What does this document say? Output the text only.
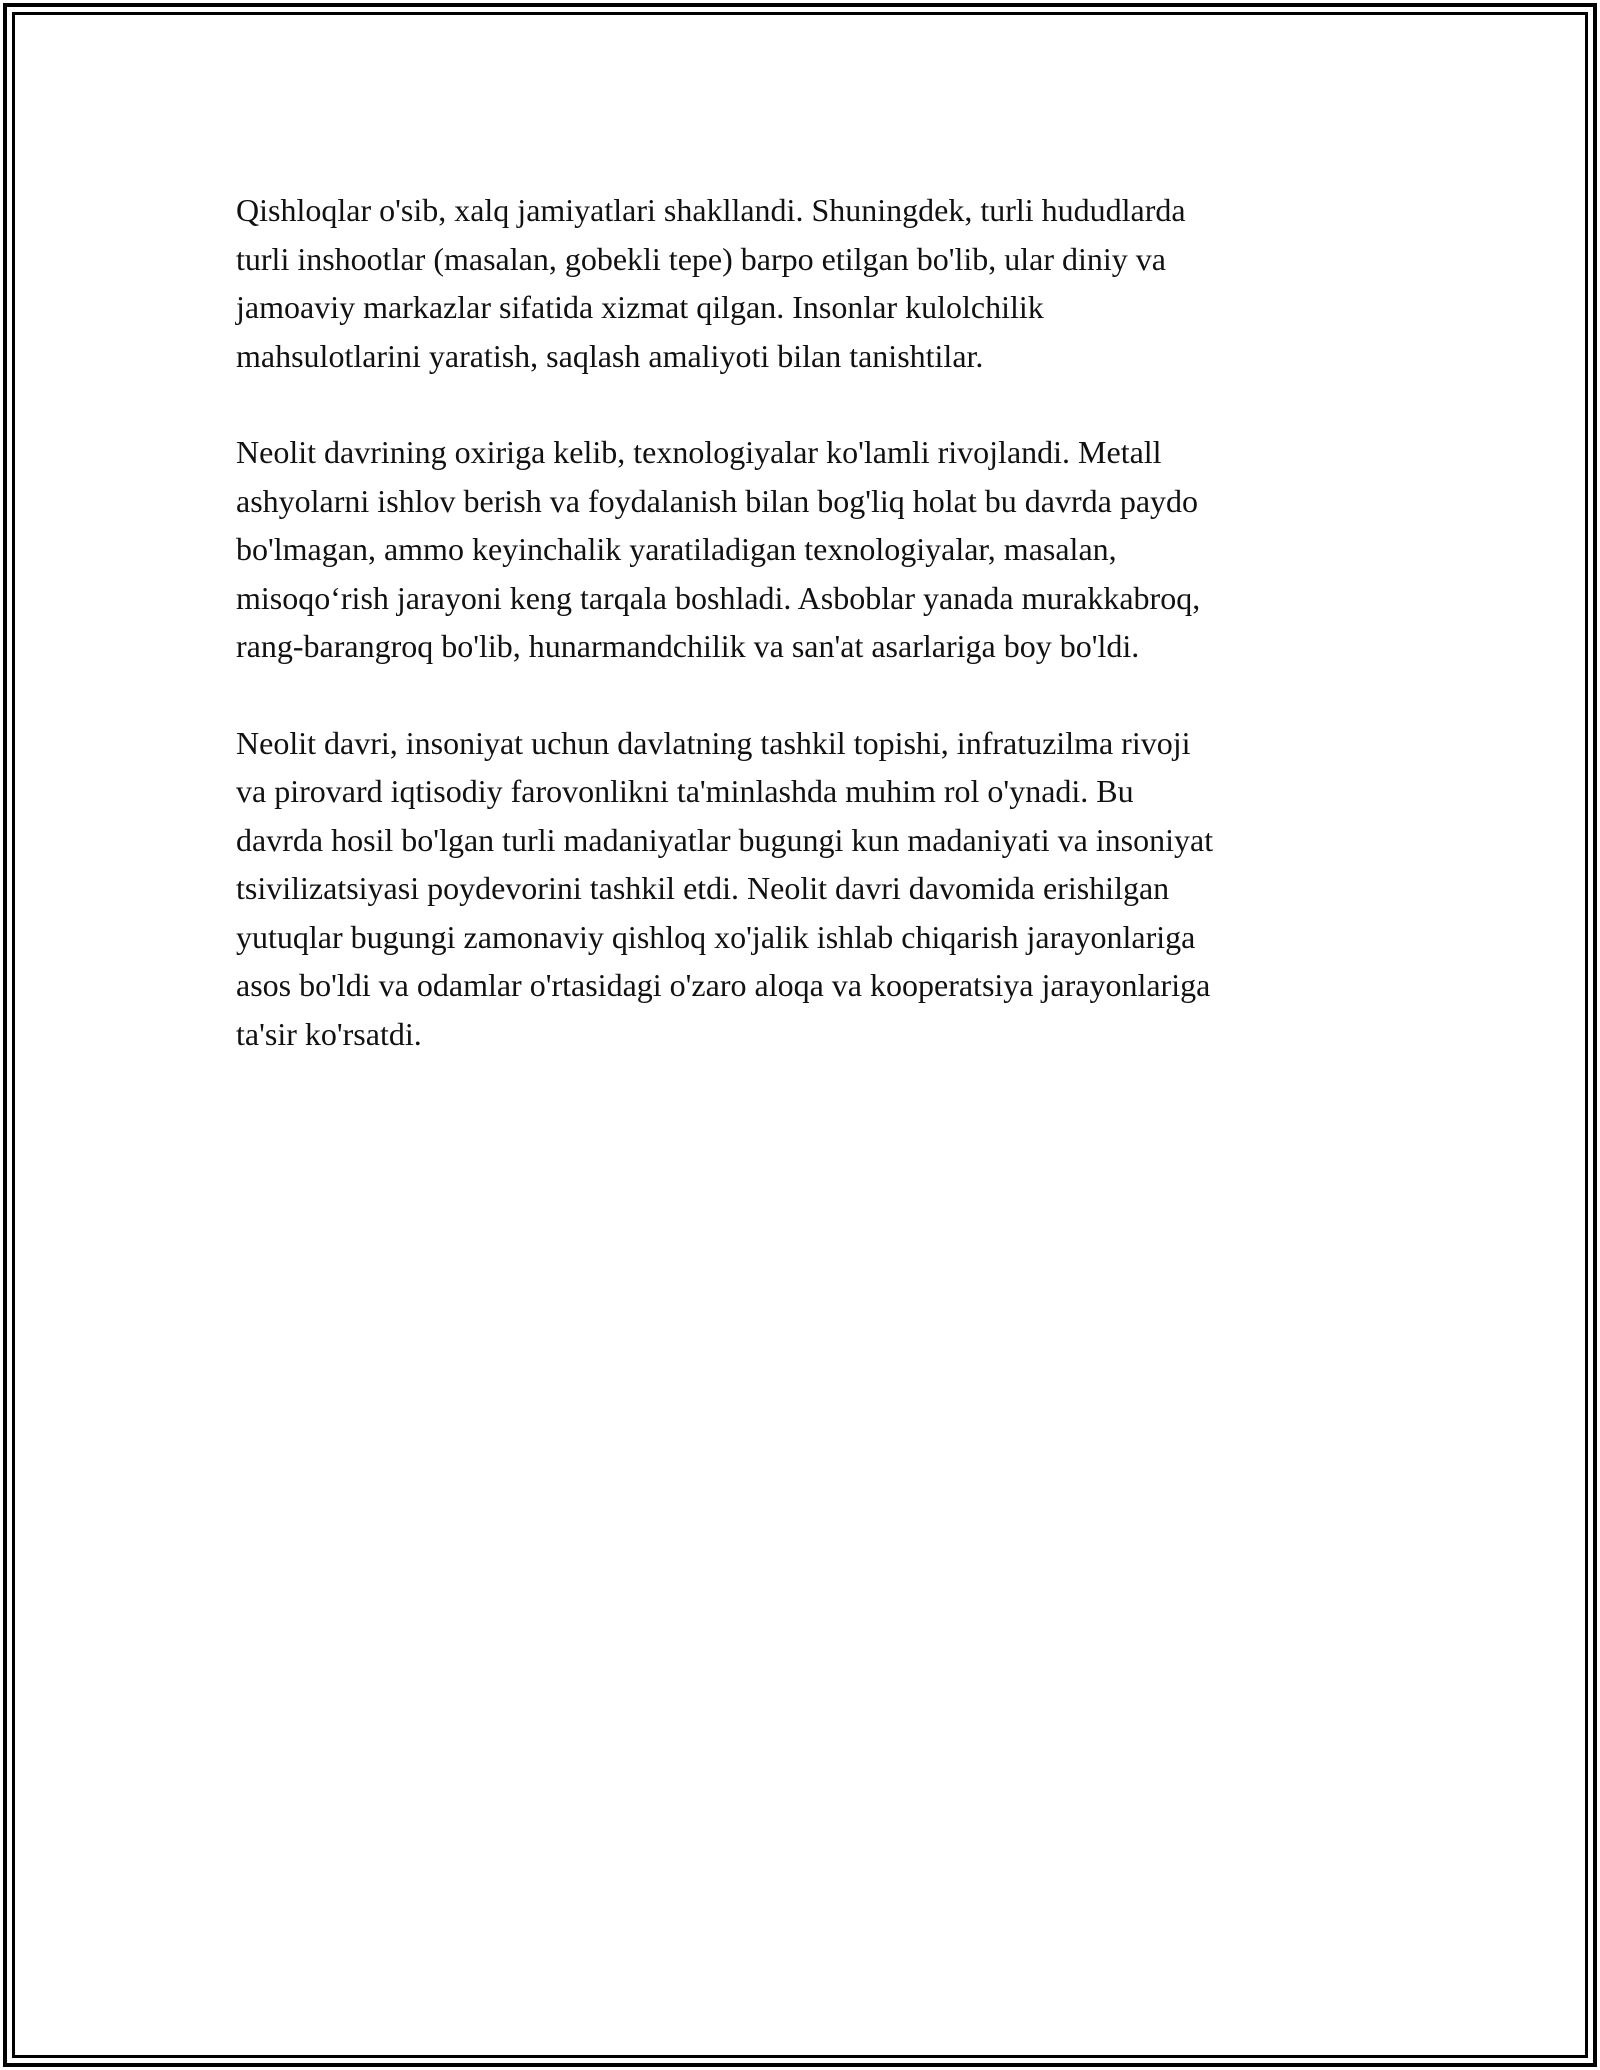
Qishloqlar o'sib, xalq jamiyatlari shakllandi. Shuningdek, turli hududlarda
turli inshootlar (masalan, gobekli tepe) barpo etilgan bo'lib, ular diniy va
jamoaviy markazlar sifatida xizmat qilgan. Insonlar kulolchilik
mahsulotlarini yaratish, saqlash amaliyoti bilan tanishtilar.

Neolit davrining oxiriga kelib, texnologiyalar ko'lamli rivojlandi. Metall
ashyolarni ishlov berish va foydalanish bilan bog'liq holat bu davrda paydo
bo'lmagan, ammo keyinchalik yaratiladigan texnologiyalar, masalan,
misoqo‘rish jarayoni keng tarqala boshladi. Asboblar yanada murakkabroq,
rang-barangroq bo'lib, hunarmandchilik va san'at asarlariga boy bo'ldi.

Neolit davri, insoniyat uchun davlatning tashkil topishi, infratuzilma rivoji
va pirovard iqtisodiy farovonlikni ta'minlashda muhim rol o'ynadi. Bu
davrda hosil bo'lgan turli madaniyatlar bugungi kun madaniyati va insoniyat
tsivilizatsiyasi poydevorini tashkil etdi. Neolit davri davomida erishilgan
yutuqlar bugungi zamonaviy qishloq xo'jalik ishlab chiqarish jarayonlariga
asos bo'ldi va odamlar o'rtasidagi o'zaro aloqa va kooperatsiya jarayonlariga
ta'sir ko'rsatdi.
